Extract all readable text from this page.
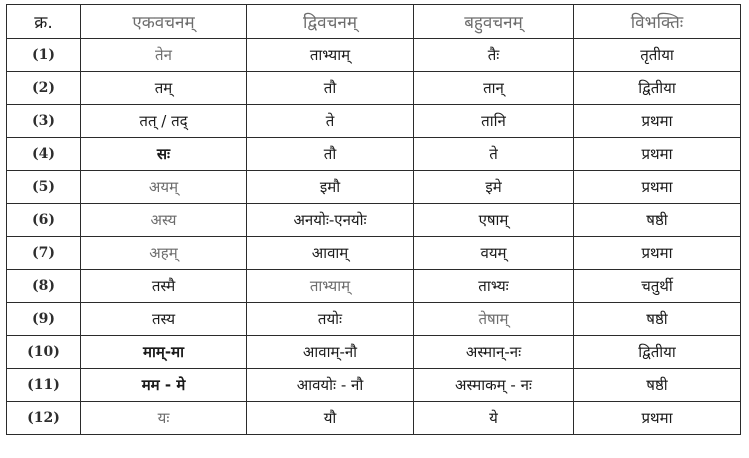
क्र.	एकवचनम्	द्विवचनम्	बहुवचनम्	विभक्तिः
(1)	तेन	ताभ्याम्	तैः	तृतीया
(2)	तम्	तौ	तान्	द्वितीया
(3)	तत् / तद्	ते	तानि	प्रथमा
(4)	सः	तौ	ते	प्रथमा
(5)	अयम्	इमौ	इमे	प्रथमा
(6)	अस्य	अनयोः-एनयोः	एषाम्	षष्ठी
(7)	अहम्	आवाम्	वयम्	प्रथमा
(8)	तस्मै	ताभ्याम्	ताभ्यः	चतुर्थी
(9)	तस्य	तयोः	तेषाम्	षष्ठी
(10)	माम्-मा	आवाम्-नौ	अस्मान्-नः	द्वितीया
(11)	मम - मे	आवयोः - नौ	अस्माकम् - नः	षष्ठी
(12)	यः	यौ	ये	प्रथमा
